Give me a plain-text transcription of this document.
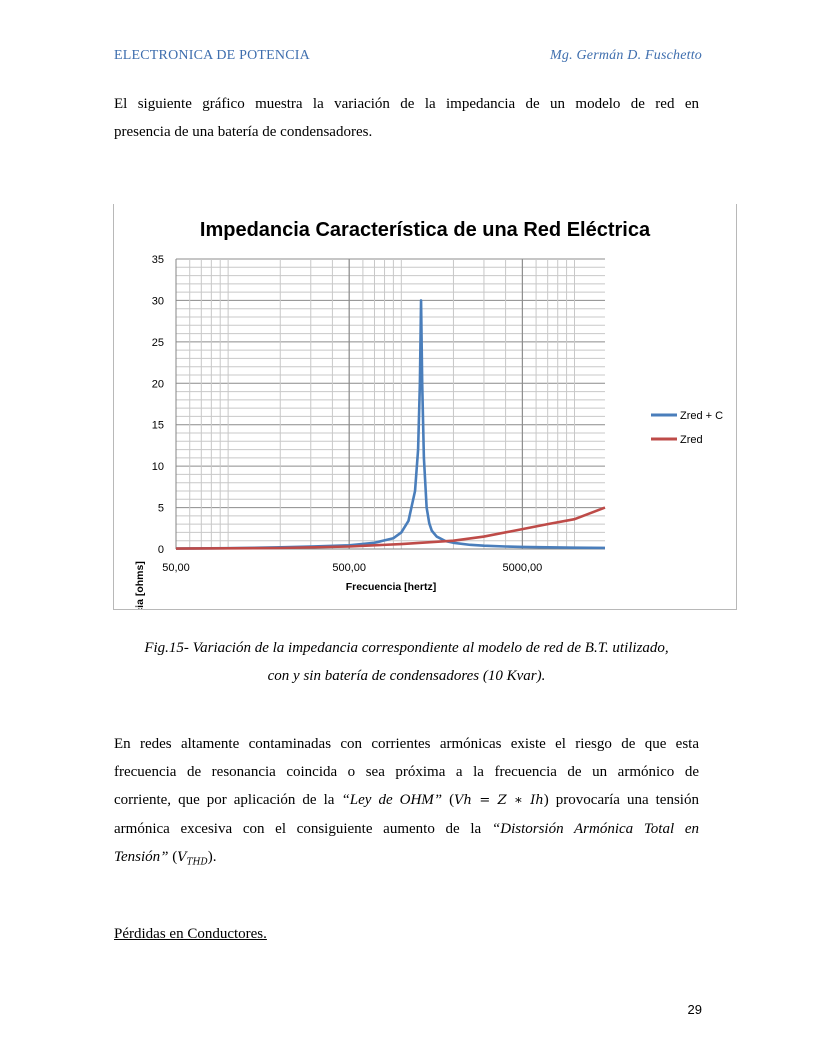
ELECTRONICA DE POTENCIA	Mg. Germán D. Fuschetto
El siguiente gráfico muestra la variación de la impedancia de un modelo de red en
presencia de una batería de condensadores.
Impedancia Característica de una Red Eléctrica
0
5
10
15
20
25
30
35
50,00	500,00	5000,00
Impedancia [ohms]	Frecuencia [hertz]
Zred + C
Zred
Fig.15- Variación de la impedancia correspondiente al modelo de red de B.T. utilizado,
con y sin batería de condensadores (10 Kvar).
En redes altamente contaminadas con corrientes armónicas existe el riesgo de que esta
frecuencia de resonancia coincida o sea próxima a la frecuencia de un armónico de
corriente, que por aplicación de la “Ley de OHM” (Vh = Z ∗ Ih) provocaría una tensión
armónica excesiva con el consiguiente aumento de la “Distorsión Armónica Total en
Tensión” $(V_{THD})$.
Pérdidas en Conductores.
29
